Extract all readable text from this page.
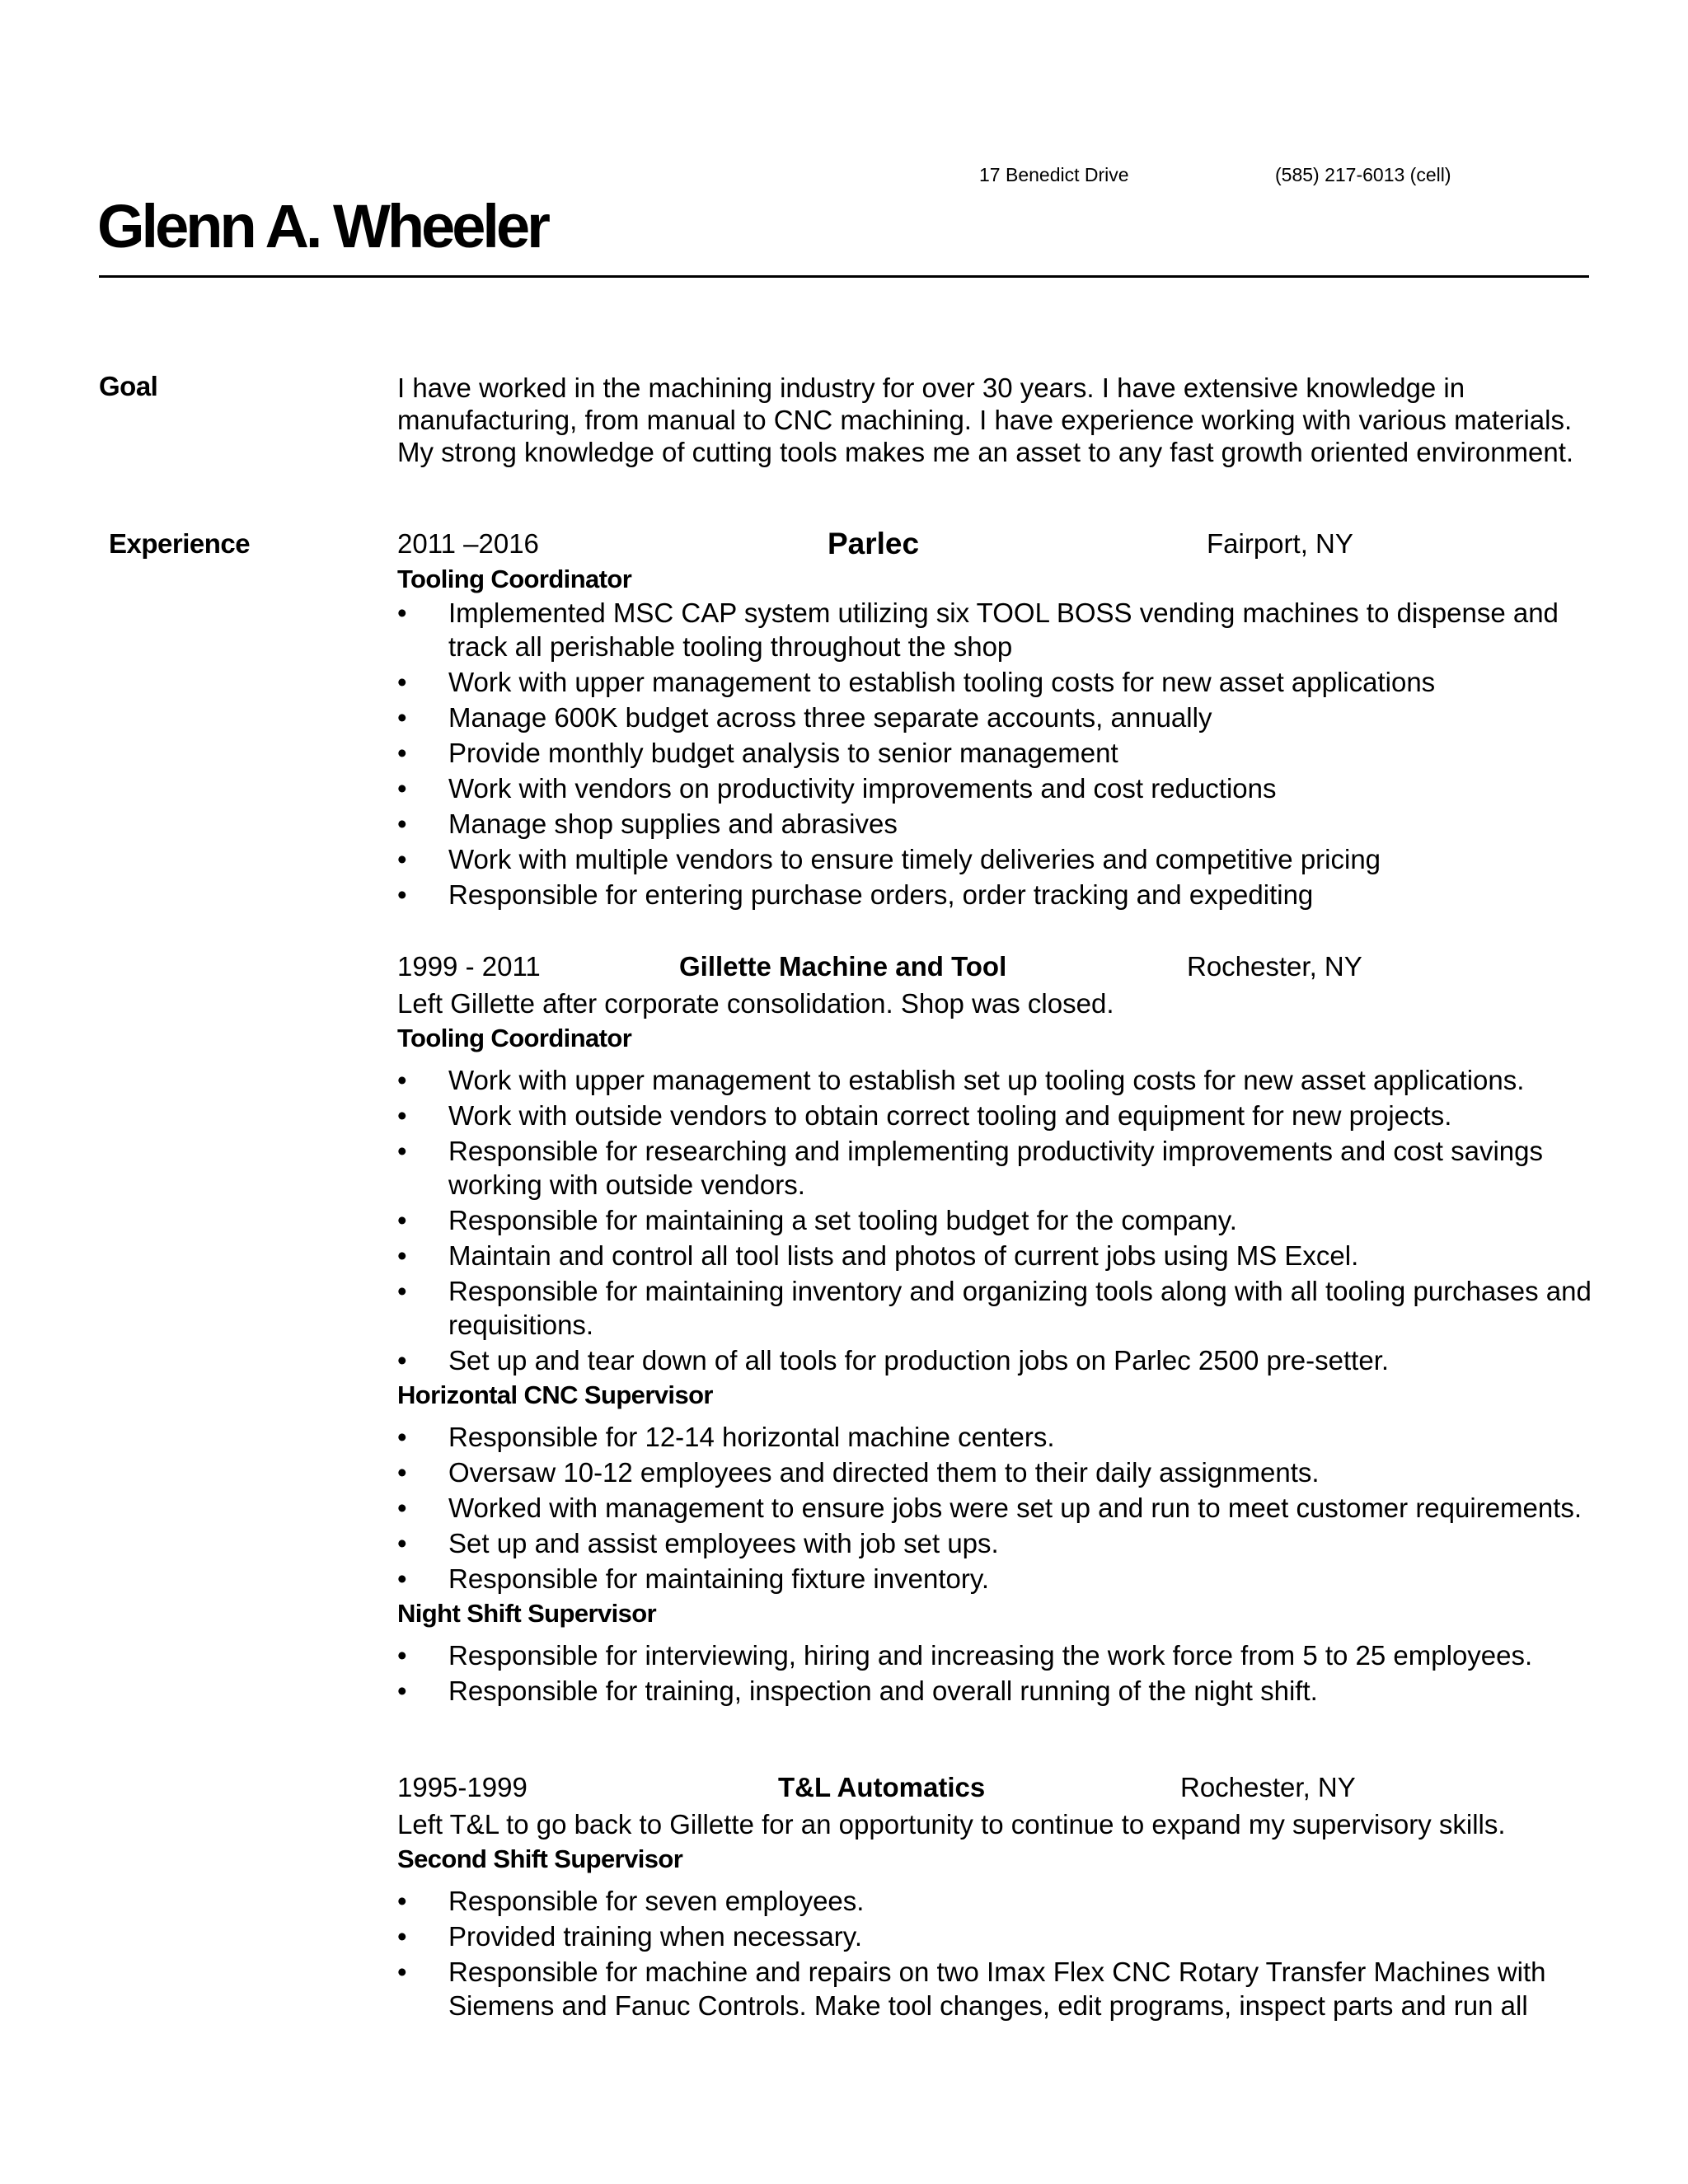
17 Benedict Drive	(585) 217-6013 (cell)
Glenn A. Wheeler
Goal	I have worked in the machining industry for over 30 years. I have extensive knowledge in
manufacturing, from manual to CNC machining. I have experience working with various materials.
My strong knowledge of cutting tools makes me an asset to any fast growth oriented environment.
Experience	2011 –2016	Parlec	Fairport, NY
Tooling Coordinator
• Implemented MSC CAP system utilizing six TOOL BOSS vending machines to dispense and track all perishable tooling throughout the shop
• Work with upper management to establish tooling costs for new asset applications
• Manage 600K budget across three separate accounts, annually
• Provide monthly budget analysis to senior management
• Work with vendors on productivity improvements and cost reductions
• Manage shop supplies and abrasives
• Work with multiple vendors to ensure timely deliveries and competitive pricing
• Responsible for entering purchase orders, order tracking and expediting
1999 - 2011	Gillette Machine and Tool	Rochester, NY
Left Gillette after corporate consolidation. Shop was closed.
Tooling Coordinator
• Work with upper management to establish set up tooling costs for new asset applications.
• Work with outside vendors to obtain correct tooling and equipment for new projects.
• Responsible for researching and implementing productivity improvements and cost savings working with outside vendors.
• Responsible for maintaining a set tooling budget for the company.
• Maintain and control all tool lists and photos of current jobs using MS Excel.
• Responsible for maintaining inventory and organizing tools along with all tooling purchases and requisitions.
• Set up and tear down of all tools for production jobs on Parlec 2500 pre-setter.
Horizontal CNC Supervisor
• Responsible for 12-14 horizontal machine centers.
• Oversaw 10-12 employees and directed them to their daily assignments.
• Worked with management to ensure jobs were set up and run to meet customer requirements.
• Set up and assist employees with job set ups.
• Responsible for maintaining fixture inventory.
Night Shift Supervisor
• Responsible for interviewing, hiring and increasing the work force from 5 to 25 employees.
• Responsible for training, inspection and overall running of the night shift.
1995-1999	T&L Automatics	Rochester, NY
Left T&L to go back to Gillette for an opportunity to continue to expand my supervisory skills.
Second Shift Supervisor
• Responsible for seven employees.
• Provided training when necessary.
• Responsible for machine and repairs on two Imax Flex CNC Rotary Transfer Machines with Siemens and Fanuc Controls. Make tool changes, edit programs, inspect parts and run all
